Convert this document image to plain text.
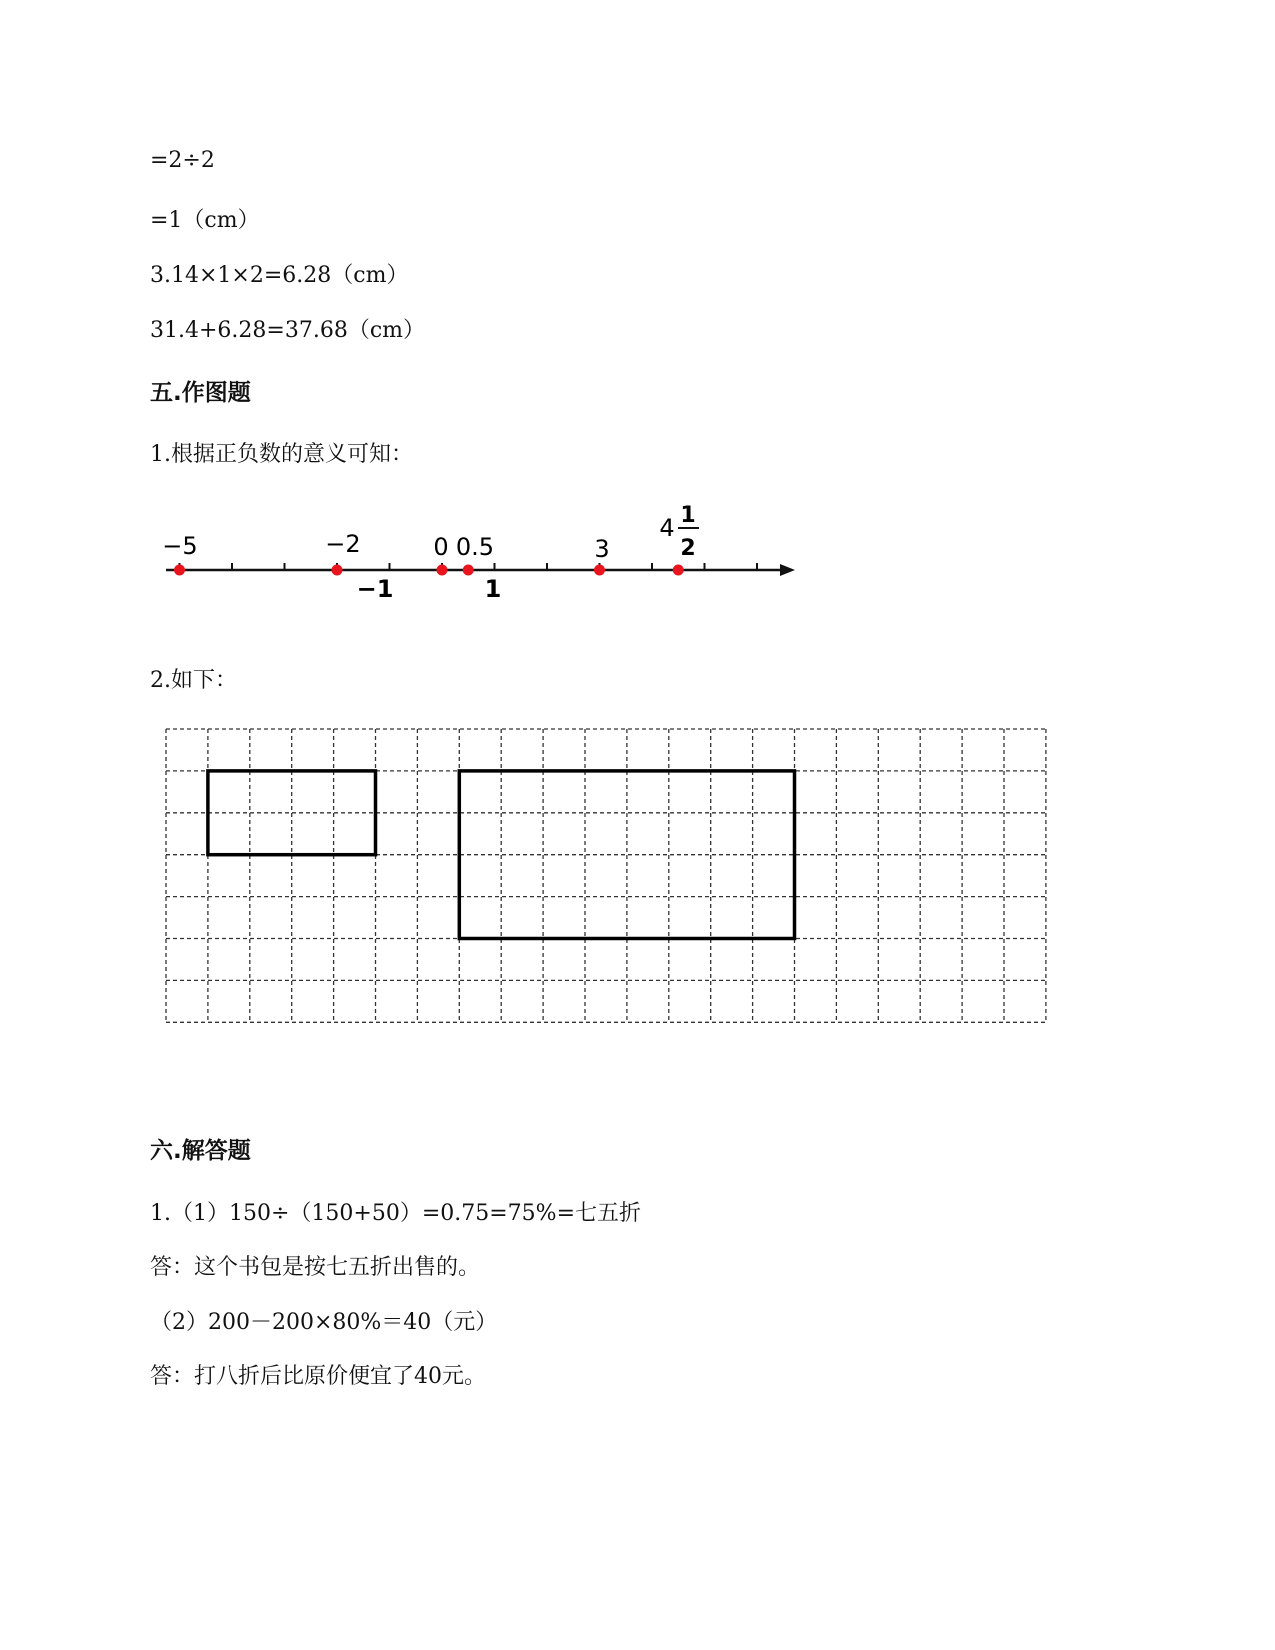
=2÷2
=1（cm）
3.14×1×2=6.28（cm）
31.4+6.28=37.68（cm）
五.作图题
1.根据正负数的意义可知：
−5	−2	0 0.5	3
4 1
2
−1	1
2.如下：
六.解答题
1.（1）150÷（150+50）=0.75=75%=七五折
答：这个书包是按七五折出售的。
（2）200－200×80%＝40（元）
答：打八折后比原价便宜了40元。
